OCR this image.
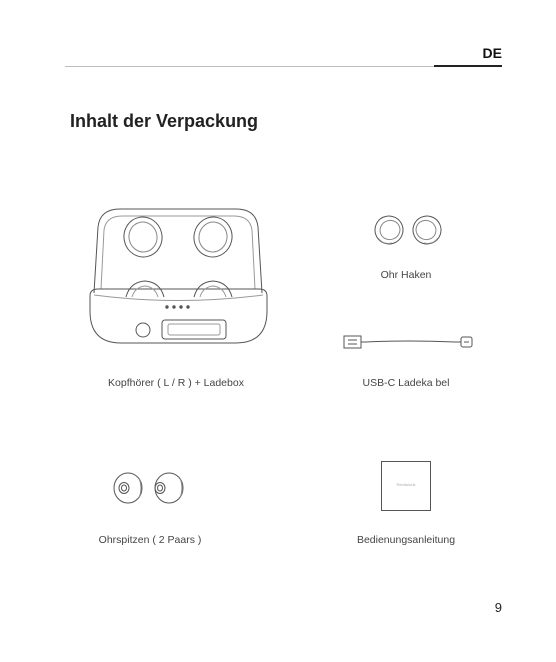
DE
Inhalt der Verpackung
Kopfhörer ( L / R ) + Ladebox
Ohr Haken
USB-C Ladeka bel
Ohrspitzen ( 2 Paars )
Remfuluuk
Bedienungsanleitung
9
